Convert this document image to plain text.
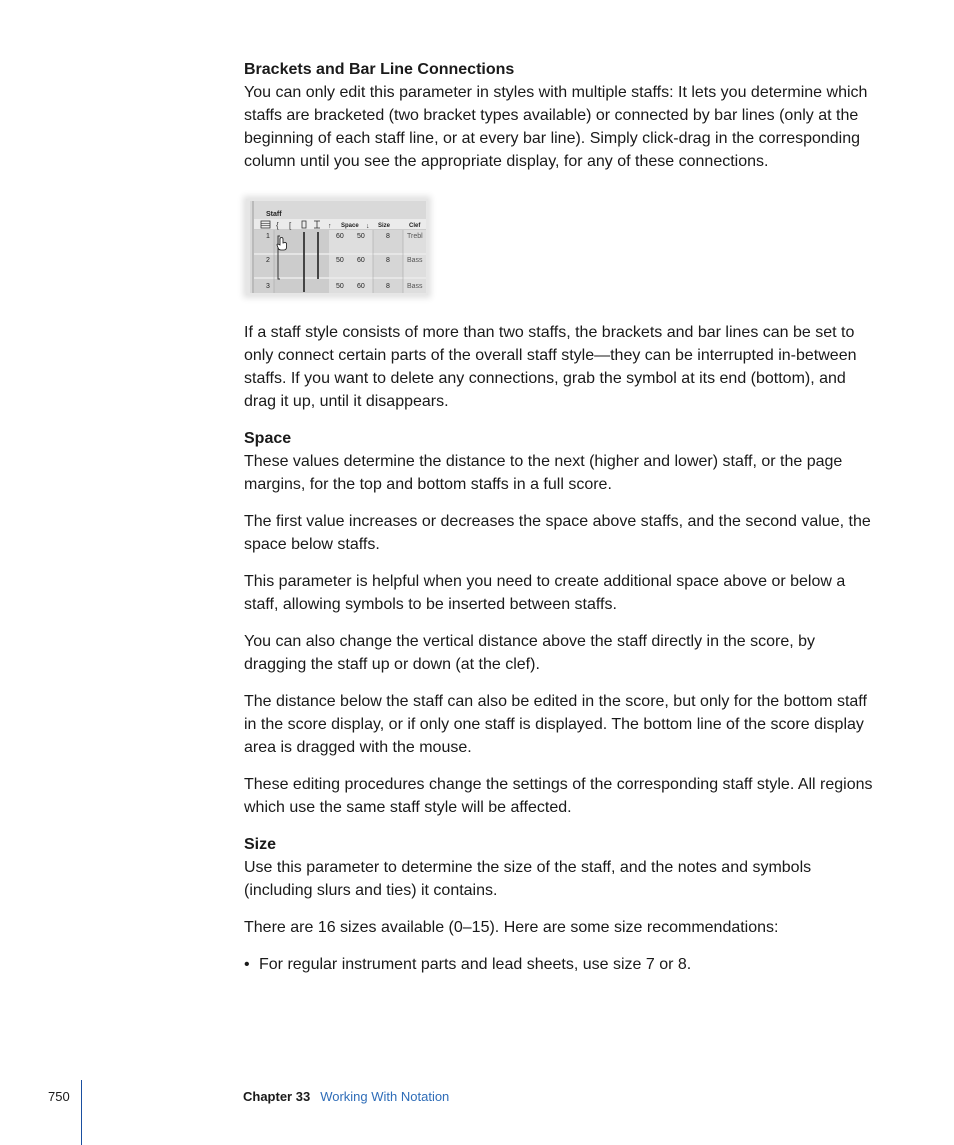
Brackets and Bar Line Connections

You can only edit this parameter in styles with multiple staffs: It lets you determine which staffs are bracketed (two bracket types available) or connected by bar lines (only at the beginning of each staff line, or at every bar line). Simply click-drag in the corresponding column until you see the appropriate display, for any of these connections.

Staff
{ [	↑ Space ↓ Size	Clef
1	60 50	8 Trebl
2	50 60	8 Bass
3	50 60	8 Bass

If a staff style consists of more than two staffs, the brackets and bar lines can be set to only connect certain parts of the overall staff style—they can be interrupted in-between staffs. If you want to delete any connections, grab the symbol at its end (bottom), and drag it up, until it disappears.

Space

These values determine the distance to the next (higher and lower) staff, or the page margins, for the top and bottom staffs in a full score.

The first value increases or decreases the space above staffs, and the second value, the space below staffs.

This parameter is helpful when you need to create additional space above or below a staff, allowing symbols to be inserted between staffs.

You can also change the vertical distance above the staff directly in the score, by dragging the staff up or down (at the clef).

The distance below the staff can also be edited in the score, but only for the bottom staff in the score display, or if only one staff is displayed. The bottom line of the score display area is dragged with the mouse.

These editing procedures change the settings of the corresponding staff style. All regions which use the same staff style will be affected.

Size

Use this parameter to determine the size of the staff, and the notes and symbols (including slurs and ties) it contains.

There are 16 sizes available (0–15). Here are some size recommendations:

• For regular instrument parts and lead sheets, use size 7 or 8.
750	Chapter 33 Working With Notation
